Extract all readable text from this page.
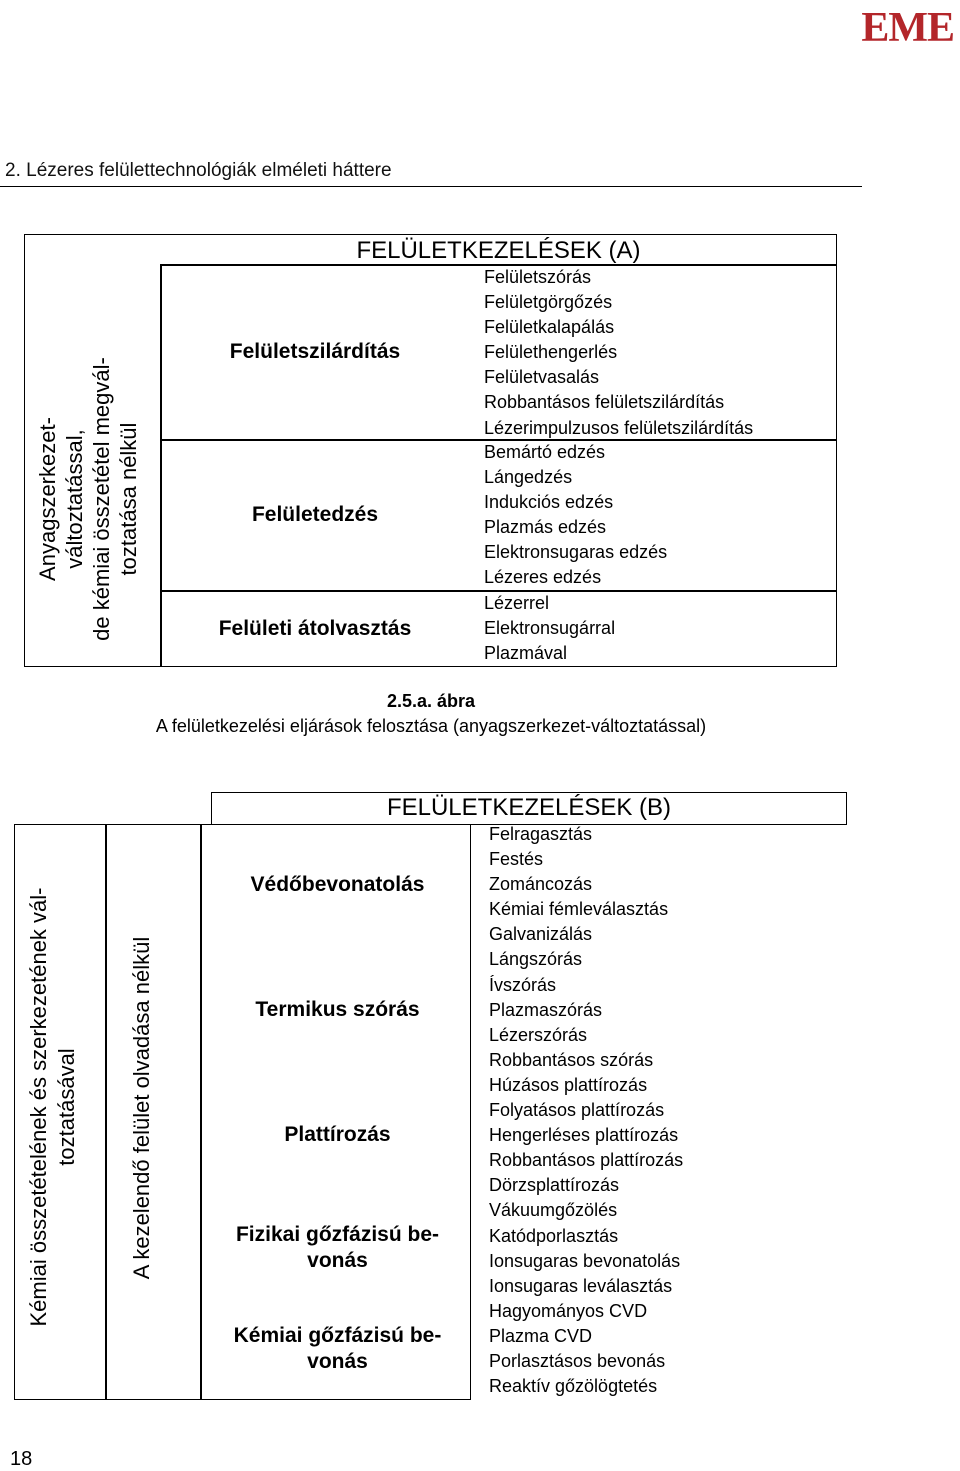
EME
2. Lézeres felülettechnológiák elméleti háttere
FELÜLETKEZELÉSEK (A)
Anyagszerkezet- változtatással, de kémiai összetétel megvál- toztatása nélkül
Felületszilárdítás
Felületszórás
Felületgörgőzés
Felületkalapálás
Felülethengerlés
Felületvasalás
Robbantásos felületszilárdítás
Lézerimpulzusos felületszilárdítás
Felületedzés
Bemártó edzés
Lángedzés
Indukciós edzés
Plazmás edzés
Elektronsugaras edzés
Lézeres edzés
Felületi átolvasztás
Lézerrel
Elektronsugárral
Plazmával
2.5.a. ábra
A felületkezelési eljárások felosztása (anyagszerkezet-változtatással)
FELÜLETKEZELÉSEK (B)
Kémiai összetételének és szerkezetének vál- toztatásával A kezelendő felület olvadása nélkül
Védőbevonatolás
Termikus szórás
Plattírozás
Fizikai gőzfázisú be-
vonás
Kémiai gőzfázisú be-
vonás
Felragasztás
Festés
Zománcozás
Kémiai fémleválasztás
Galvanizálás
Lángszórás
Ívszórás
Plazmaszórás
Lézerszórás
Robbantásos szórás
Húzásos plattírozás
Folyatásos plattírozás
Hengerléses plattírozás
Robbantásos plattírozás
Dörzsplattírozás
Vákuumgőzölés
Katódporlasztás
Ionsugaras bevonatolás
Ionsugaras leválasztás
Hagyományos CVD
Plazma CVD
Porlasztásos bevonás
Reaktív gőzölögtetés
18
